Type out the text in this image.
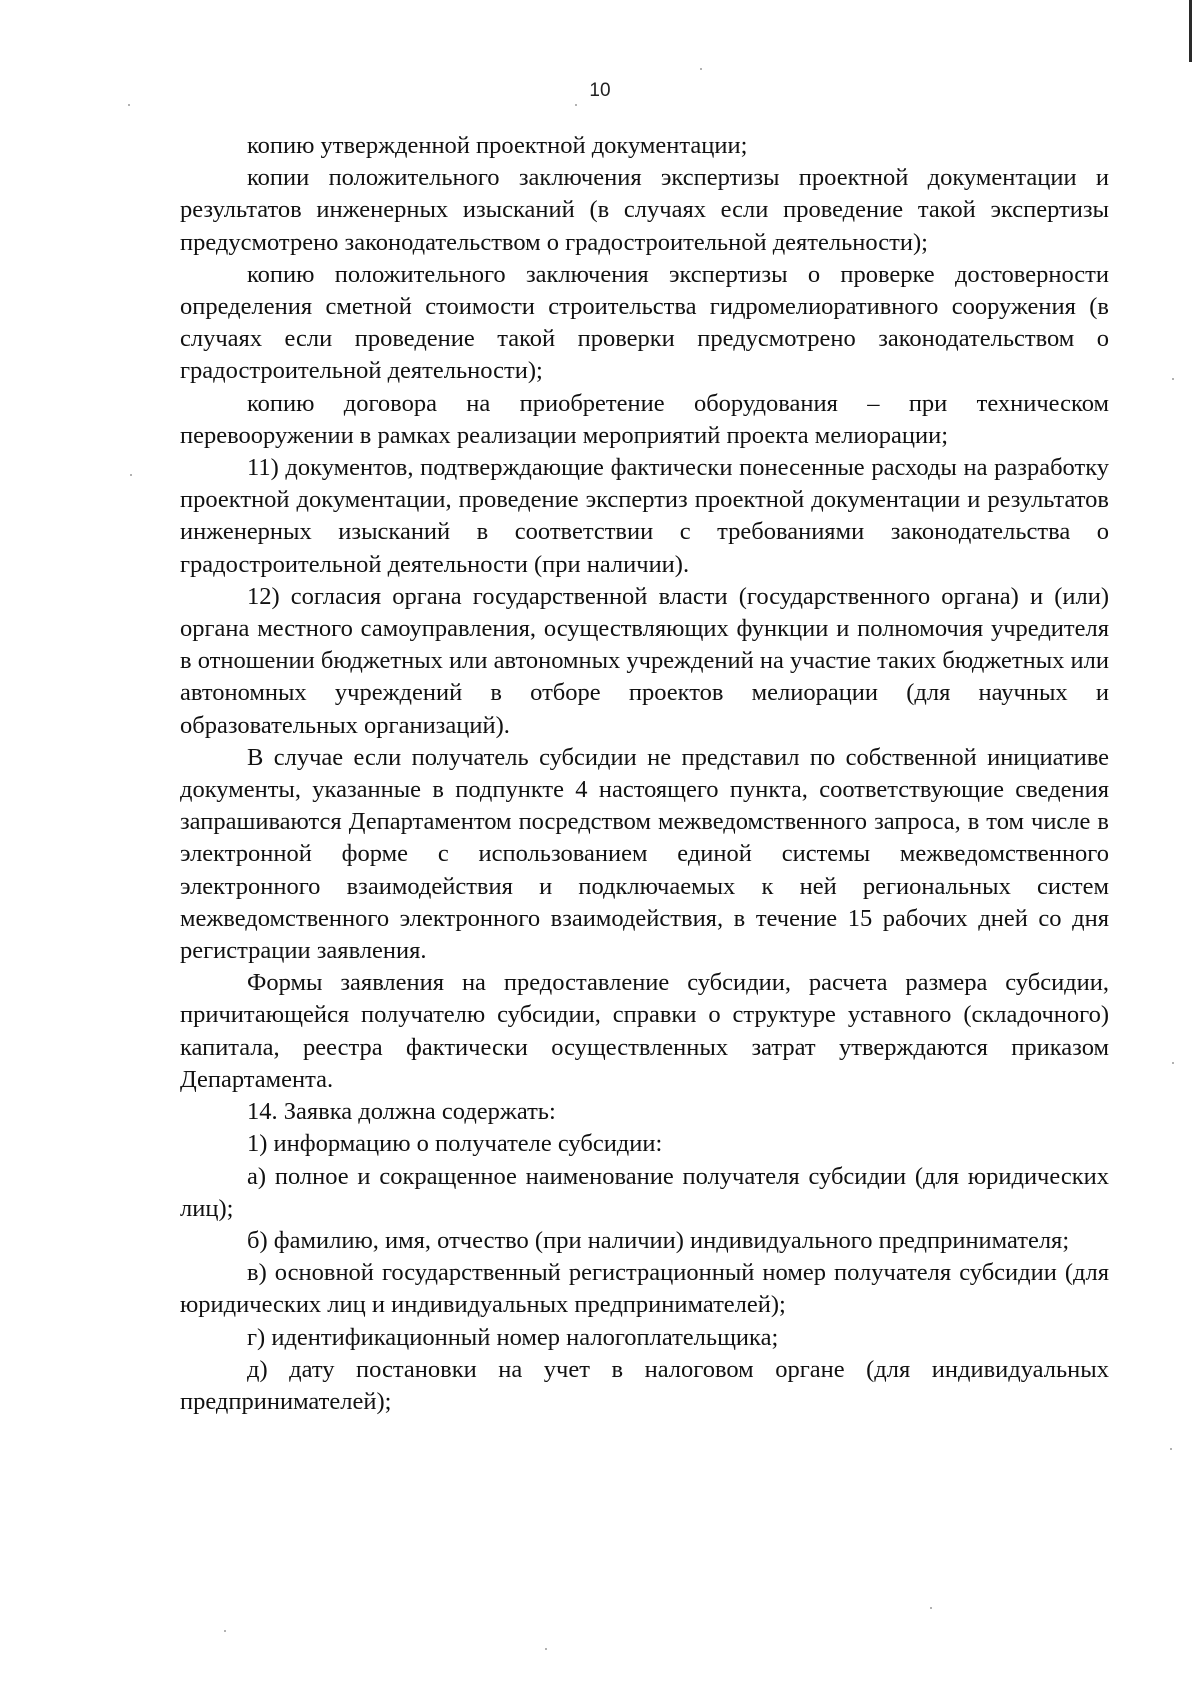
10

копию утвержденной проектной документации;

копии положительного заключения экспертизы проектной документации и результатов инженерных изысканий (в случаях если проведение такой экспертизы предусмотрено законодательством о градостроительной деятельности);

копию положительного заключения экспертизы о проверке достоверности определения сметной стоимости строительства гидромелиоративного сооружения (в случаях если проведение такой проверки предусмотрено законодательством о градостроительной деятельности);

копию договора на приобретение оборудования – при техническом перевооружении в рамках реализации мероприятий проекта мелиорации;

11) документов, подтверждающие фактически понесенные расходы на разработку проектной документации, проведение экспертиз проектной документации и результатов инженерных изысканий в соответствии с требованиями законодательства о градостроительной деятельности (при наличии).

12) согласия органа государственной власти (государственного органа) и (или) органа местного самоуправления, осуществляющих функции и полномочия учредителя в отношении бюджетных или автономных учреждений на участие таких бюджетных или автономных учреждений в отборе проектов мелиорации (для научных и образовательных организаций).

В случае если получатель субсидии не представил по собственной инициативе документы, указанные в подпункте 4 настоящего пункта, соответствующие сведения запрашиваются Департаментом посредством межведомственного запроса, в том числе в электронной форме с использованием единой системы межведомственного электронного взаимодействия и подключаемых к ней региональных систем межведомственного электронного взаимодействия, в течение 15 рабочих дней со дня регистрации заявления.

Формы заявления на предоставление субсидии, расчета размера субсидии, причитающейся получателю субсидии, справки о структуре уставного (складочного) капитала, реестра фактически осуществленных затрат утверждаются приказом Департамента.

14. Заявка должна содержать:

1) информацию о получателе субсидии:

а) полное и сокращенное наименование получателя субсидии (для юридических лиц);

б) фамилию, имя, отчество (при наличии) индивидуального предпринимателя;

в) основной государственный регистрационный номер получателя субсидии (для юридических лиц и индивидуальных предпринимателей);

г) идентификационный номер налогоплательщика;

д) дату постановки на учет в налоговом органе (для индивидуальных предпринимателей);
